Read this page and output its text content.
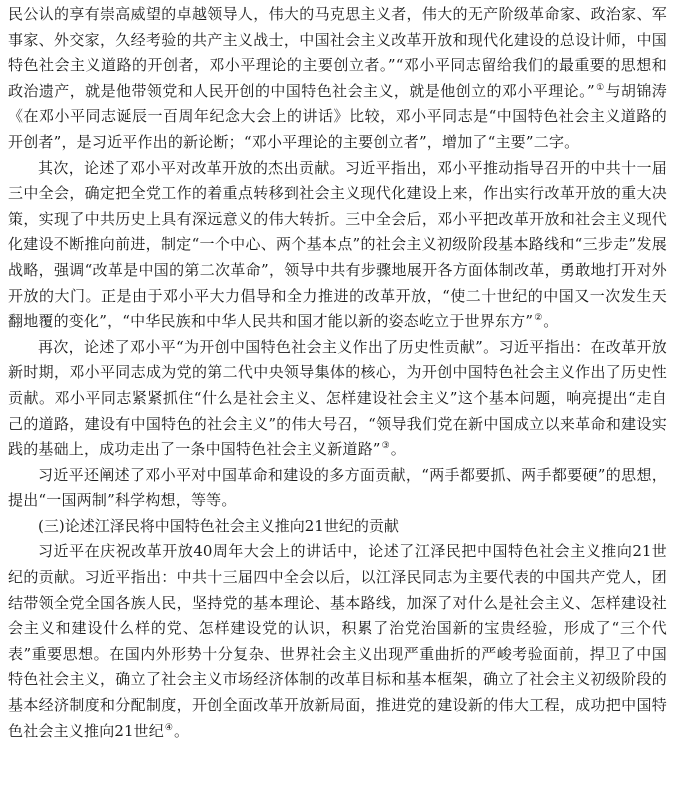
民公认的享有崇高威望的卓越领导人，伟大的马克思主义者，伟大的无产阶级革命家、政治家、军事家、外交家，久经考验的共产主义战士，中国社会主义改革开放和现代化建设的总设计师，中国特色社会主义道路的开创者，邓小平理论的主要创立者。”“邓小平同志留给我们的最重要的思想和政治遗产，就是他带领党和人民开创的中国特色社会主义，就是他创立的邓小平理论。”①与胡锦涛《在邓小平同志诞辰一百周年纪念大会上的讲话》比较，邓小平同志是“中国特色社会主义道路的开创者”，是习近平作出的新论断；“邓小平理论的主要创立者”，增加了“主要”二字。

其次，论述了邓小平对改革开放的杰出贡献。习近平指出，邓小平推动指导召开的中共十一届三中全会，确定把全党工作的着重点转移到社会主义现代化建设上来，作出实行改革开放的重大决策，实现了中共历史上具有深远意义的伟大转折。三中全会后，邓小平把改革开放和社会主义现代化建设不断推向前进，制定“一个中心、两个基本点”的社会主义初级阶段基本路线和“三步走”发展战略，强调“改革是中国的第二次革命”，领导中共有步骤地展开各方面体制改革，勇敢地打开对外开放的大门。正是由于邓小平大力倡导和全力推进的改革开放，“使二十世纪的中国又一次发生天翻地覆的变化”，“中华民族和中华人民共和国才能以新的姿态屹立于世界东方”②。

再次，论述了邓小平“为开创中国特色社会主义作出了历史性贡献”。习近平指出：在改革开放新时期，邓小平同志成为党的第二代中央领导集体的核心，为开创中国特色社会主义作出了历史性贡献。邓小平同志紧紧抓住“什么是社会主义、怎样建设社会主义”这个基本问题，响亮提出“走自己的道路，建设有中国特色的社会主义”的伟大号召，“领导我们党在新中国成立以来革命和建设实践的基础上，成功走出了一条中国特色社会主义新道路”③。

习近平还阐述了邓小平对中国革命和建设的多方面贡献，“两手都要抓、两手都要硬”的思想，提出“一国两制”科学构想，等等。

(三)论述江泽民将中国特色社会主义推向21世纪的贡献

习近平在庆祝改革开放40周年大会上的讲话中，论述了江泽民把中国特色社会主义推向21世纪的贡献。习近平指出：中共十三届四中全会以后，以江泽民同志为主要代表的中国共产党人，团结带领全党全国各族人民，坚持党的基本理论、基本路线，加深了对什么是社会主义、怎样建设社会主义和建设什么样的党、怎样建设党的认识，积累了治党治国新的宝贵经验，形成了“三个代表”重要思想。在国内外形势十分复杂、世界社会主义出现严重曲折的严峻考验面前，捍卫了中国特色社会主义，确立了社会主义市场经济体制的改革目标和基本框架，确立了社会主义初级阶段的基本经济制度和分配制度，开创全面改革开放新局面，推进党的建设新的伟大工程，成功把中国特色社会主义推向21世纪④。
